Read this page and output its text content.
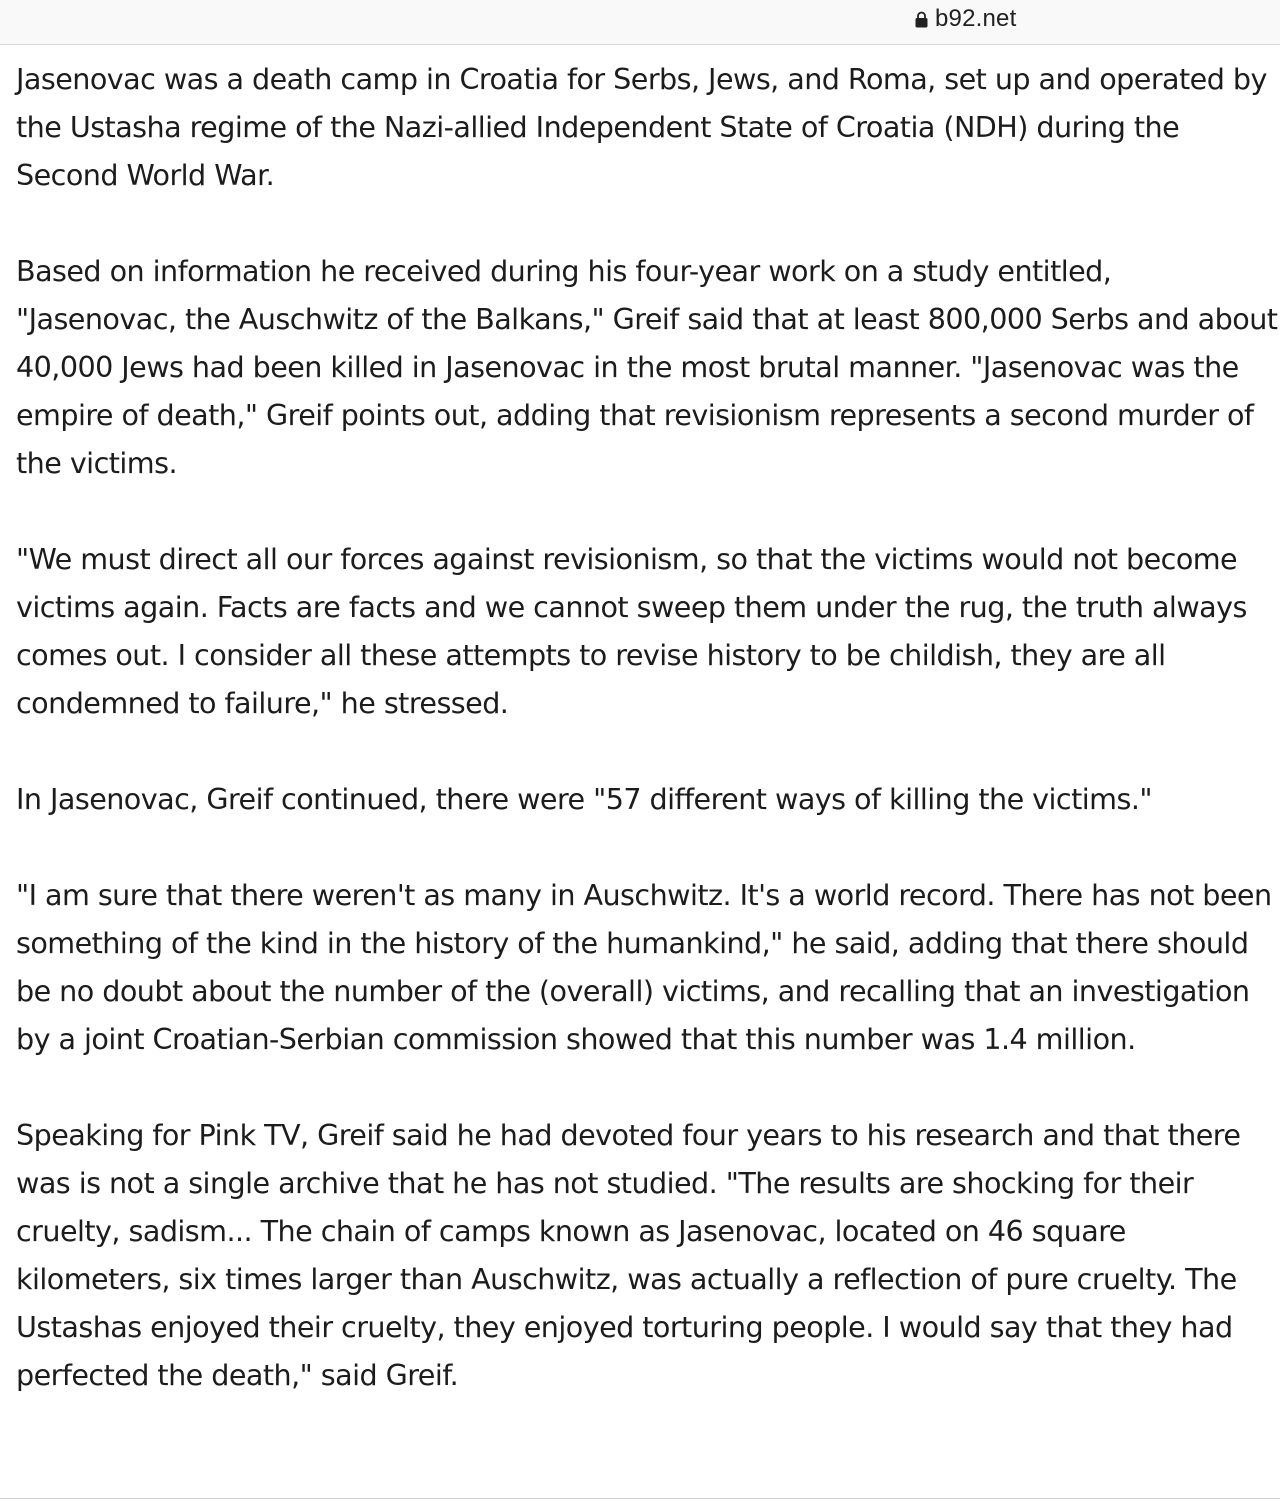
b92.net

Jasenovac was a death camp in Croatia for Serbs, Jews, and Roma, set up and operated by the Ustasha regime of the Nazi-allied Independent State of Croatia (NDH) during the Second World War.

Based on information he received during his four-year work on a study entitled, "Jasenovac, the Auschwitz of the Balkans," Greif said that at least 800,000 Serbs and about 40,000 Jews had been killed in Jasenovac in the most brutal manner. "Jasenovac was the empire of death," Greif points out, adding that revisionism represents a second murder of the victims.

"We must direct all our forces against revisionism, so that the victims would not become victims again. Facts are facts and we cannot sweep them under the rug, the truth always comes out. I consider all these attempts to revise history to be childish, they are all condemned to failure," he stressed.

In Jasenovac, Greif continued, there were "57 different ways of killing the victims."

"I am sure that there weren't as many in Auschwitz. It's a world record. There has not been something of the kind in the history of the humankind," he said, adding that there should be no doubt about the number of the (overall) victims, and recalling that an investigation by a joint Croatian-Serbian commission showed that this number was 1.4 million.

Speaking for Pink TV, Greif said he had devoted four years to his research and that there was is not a single archive that he has not studied. "The results are shocking for their cruelty, sadism... The chain of camps known as Jasenovac, located on 46 square kilometers, six times larger than Auschwitz, was actually a reflection of pure cruelty. The Ustashas enjoyed their cruelty, they enjoyed torturing people. I would say that they had perfected the death," said Greif.
